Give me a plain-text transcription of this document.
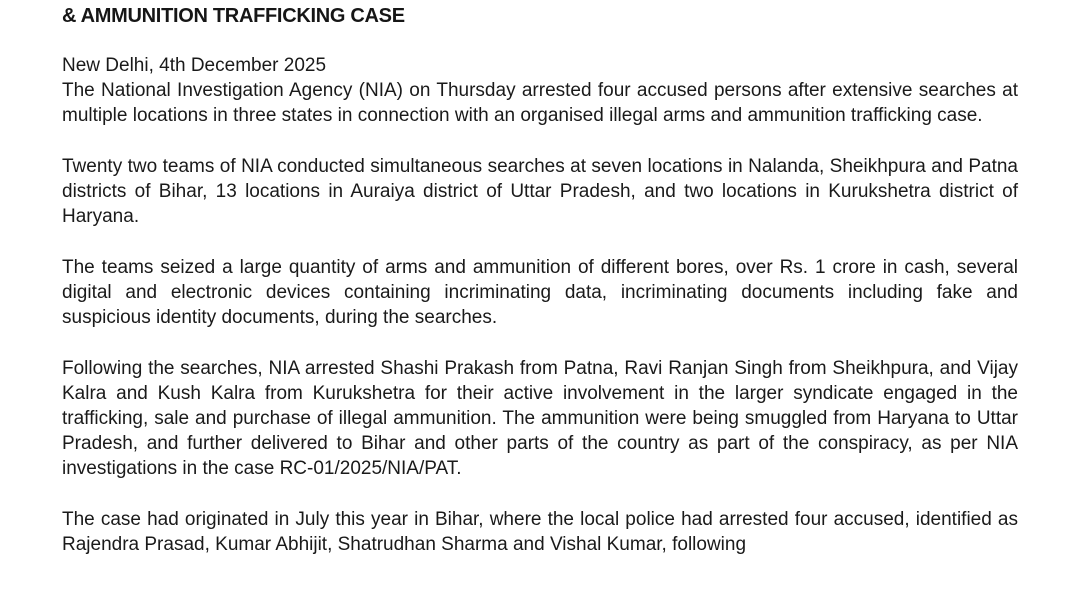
& AMMUNITION TRAFFICKING CASE

New Delhi, 4th December 2025

The National Investigation Agency (NIA) on Thursday arrested four accused persons after extensive searches at multiple locations in three states in connection with an organised illegal arms and ammunition trafficking case.

Twenty two teams of NIA conducted simultaneous searches at seven locations in Nalanda, Sheikhpura and Patna districts of Bihar, 13 locations in Auraiya district of Uttar Pradesh, and two locations in Kurukshetra district of Haryana.

The teams seized a large quantity of arms and ammunition of different bores, over Rs. 1 crore in cash, several digital and electronic devices containing incriminating data, incriminating documents including fake and suspicious identity documents, during the searches.

Following the searches, NIA arrested Shashi Prakash from Patna, Ravi Ranjan Singh from Sheikhpura, and Vijay Kalra and Kush Kalra from Kurukshetra for their active involvement in the larger syndicate engaged in the trafficking, sale and purchase of illegal ammunition. The ammunition were being smuggled from Haryana to Uttar Pradesh, and further delivered to Bihar and other parts of the country as part of the conspiracy, as per NIA investigations in the case RC-01/2025/NIA/PAT.

The case had originated in July this year in Bihar, where the local police had arrested four accused, identified as Rajendra Prasad, Kumar Abhijit, Shatrudhan Sharma and Vishal Kumar, following
